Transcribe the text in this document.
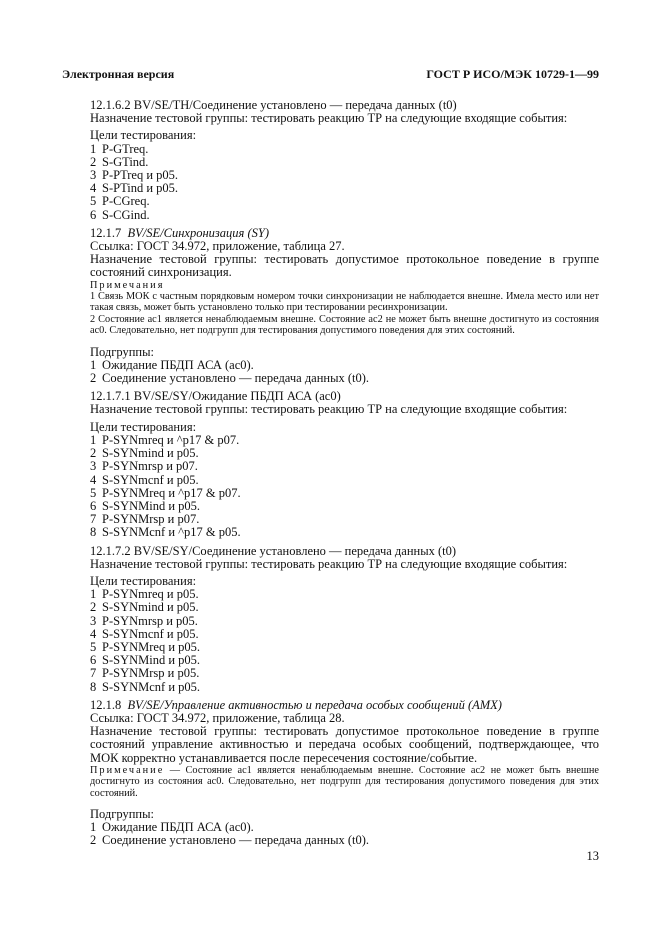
Электронная версия	ГОСТ Р ИСО/МЭК 10729-1—99

12.1.6.2 BV/SE/TH/Соединение установлено — передача данных (t0)

Назначение тестовой группы: тестировать реакцию ТР на следующие входящие события:

Цели тестирования:

1 P-GTreq.

2 S-GTind.

3 P-PTreq и p05.

4 S-PTind и p05.

5 P-CGreq.

6 S-CGind.

12.1.7 BV/SE/Синхронизация (SY)

Ссылка: ГОСТ 34.972, приложение, таблица 27.

Назначение тестовой группы: тестировать допустимое протокольное поведение в группе состояний синхронизация.

Примечания

1 Связь МОК с частным порядковым номером точки синхронизации не наблюдается внешне. Имела место или нет такая связь, может быть установлено только при тестировании ресинхронизации.

2 Состояние ac1 является ненаблюдаемым внешне. Состояние ac2 не может быть внешне достигнуто из состояния ac0. Следовательно, нет подгрупп для тестирования допустимого поведения для этих состояний.

Подгруппы:

1 Ожидание ПБДП АСА (ac0).

2 Соединение установлено — передача данных (t0).

12.1.7.1 BV/SE/SY/Ожидание ПБДП АСА (ac0)

Назначение тестовой группы: тестировать реакцию ТР на следующие входящие события:

Цели тестирования:

1 P-SYNmreq и ^p17 & p07.

2 S-SYNmind и p05.

3 P-SYNmrsp и p07.

4 S-SYNmcnf и p05.

5 P-SYNMreq и ^p17 & p07.

6 S-SYNMind и p05.

7 P-SYNMrsp и p07.

8 S-SYNMcnf и ^p17 & p05.

12.1.7.2 BV/SE/SY/Соединение установлено — передача данных (t0)

Назначение тестовой группы: тестировать реакцию ТР на следующие входящие события:

Цели тестирования:

1 P-SYNmreq и p05.

2 S-SYNmind и p05.

3 P-SYNmrsp и p05.

4 S-SYNmcnf и p05.

5 P-SYNMreq и p05.

6 S-SYNMind и p05.

7 P-SYNMrsp и p05.

8 S-SYNMcnf и p05.

12.1.8 BV/SE/Управление активностью и передача особых сообщений (AMX)

Ссылка: ГОСТ 34.972, приложение, таблица 28.

Назначение тестовой группы: тестировать допустимое протокольное поведение в группе состояний управление активностью и передача особых сообщений, подтверждающее, что МОК корректно устанавливается после пересечения состояние/событие.

Примечание — Состояние ac1 является ненаблюдаемым внешне. Состояние ac2 не может быть внешне достигнуто из состояния ac0. Следовательно, нет подгрупп для тестирования допустимого поведения для этих состояний.

Подгруппы:

1 Ожидание ПБДП АСА (ac0).

2 Соединение установлено — передача данных (t0).

13
